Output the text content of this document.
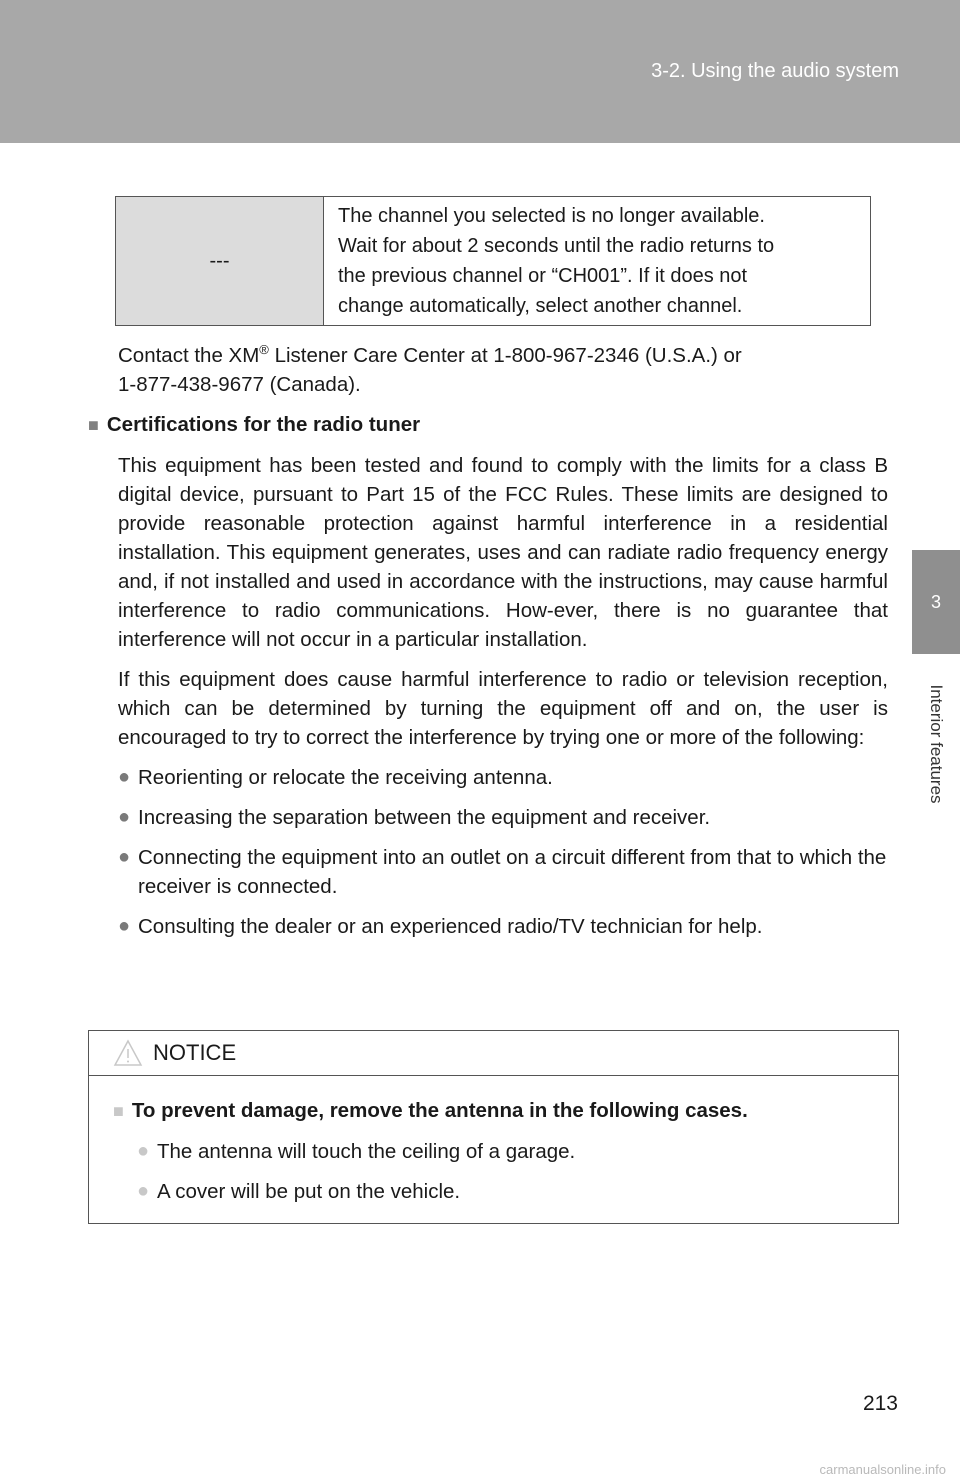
3-2. Using the audio system
3
Interior features
---
The channel you selected is no longer available.
Wait for about 2 seconds until the radio returns to
the previous channel or “CH001”. If it does not
change automatically, select another channel.
Contact the XM® Listener Care Center at 1-800-967-2346 (U.S.A.) or
1-877-438-9677 (Canada).

■ Certifications for the radio tuner

This equipment has been tested and found to comply with the limits for a class B digital device, pursuant to Part 15 of the FCC Rules. These limits are designed to provide reasonable protection against harmful interference in a residential installation. This equipment generates, uses and can radiate radio frequency energy and, if not installed and used in accordance with the instructions, may cause harmful interference to radio communications. How-ever, there is no guarantee that interference will not occur in a particular installation.

If this equipment does cause harmful interference to radio or television reception, which can be determined by turning the equipment off and on, the user is encouraged to try to correct the interference by trying one or more of the following:

● Reorienting or relocate the receiving antenna.
● Increasing the separation between the equipment and receiver.
● Connecting the equipment into an outlet on a circuit different from that to which the receiver is connected.
● Consulting the dealer or an experienced radio/TV technician for help.
NOTICE

■ To prevent damage, remove the antenna in the following cases.

● The antenna will touch the ceiling of a garage.
● A cover will be put on the vehicle.
213
carmanualsonline.info
